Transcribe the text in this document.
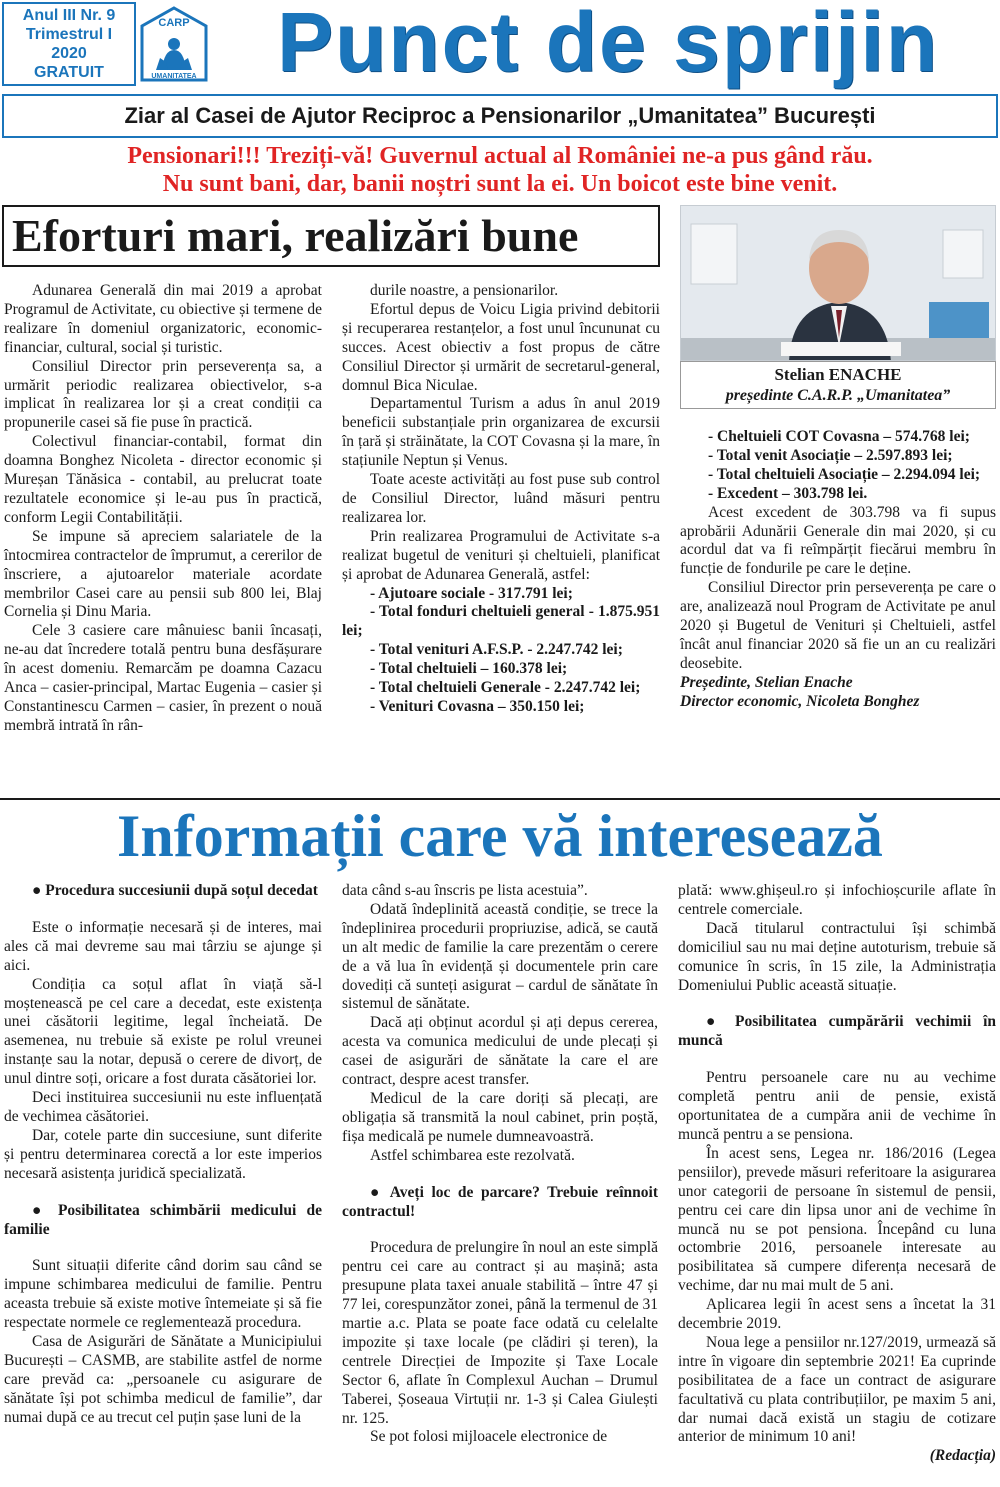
Anul III Nr. 9
Trimestrul I
2020
GRATUIT
CARP
UMANITATEA Punct de sprijin
Ziar al Casei de Ajutor Reciproc a Pensionarilor „Umanitatea” București
Pensionari!!! Treziți-vă! Guvernul actual al României ne-a pus gând rău.
Nu sunt bani, dar, banii noștri sunt la ei. Un boicot este bine venit.
Eforturi mari, realizări bune
Stelian ENACHE
președinte C.A.R.P. „Umanitatea”

Adunarea Generală din mai 2019 a aprobat Programul de Activitate, cu obiective și termene de realizare în domeniul organizatoric, economic-financiar, cultural, social și turistic.

Consiliul Director prin perseverența sa, a urmărit periodic realizarea obiectivelor, s-a implicat în realizarea lor și a creat condiții ca propunerile casei să fie puse în practică.

Colectivul financiar-contabil, format din doamna Bonghez Nicoleta - director economic și Mureșan Tănăsica - contabil, au prelucrat toate rezultatele economice și le-au pus în practică, conform Legii Contabilității.

Se impune să apreciem salariatele de la întocmirea contractelor de împrumut, a cererilor de înscriere, a ajutoarelor materiale acordate membrilor Casei care au pensii sub 800 lei, Blaj Cornelia și Dinu Maria.

Cele 3 casiere care mânuiesc banii încasați, ne-au dat încredere totală pentru buna desfășurare în acest domeniu. Remarcăm pe doamna Cazacu Anca – casier-principal, Martac Eugenia – casier și Constantinescu Carmen – casier, în prezent o nouă membră intrată în rân-

durile noastre, a pensionarilor.

Efortul depus de Voicu Ligia privind debitorii și recuperarea restanțelor, a fost unul încununat cu succes. Acest obiectiv a fost propus de către Consiliul Director și urmărit de secretarul-general, domnul Bica Niculae.

Departamentul Turism a adus în anul 2019 beneficii substanțiale prin organizarea de excursii în țară și străinătate, la COT Covasna și la mare, în stațiunile Neptun și Venus.

Toate aceste activități au fost puse sub control de Consiliul Director, luând măsuri pentru realizarea lor.

Prin realizarea Programului de Activitate s-a realizat bugetul de venituri și cheltuieli, planificat și aprobat de Adunarea Generală, astfel:

- Ajutoare sociale - 317.791 lei;

- Total fonduri cheltuieli general - 1.875.951 lei;

- Total venituri A.F.S.P. - 2.247.742 lei;

- Total cheltuieli – 160.378 lei;

- Total cheltuieli Generale - 2.247.742 lei;

- Venituri Covasna – 350.150 lei;

- Cheltuieli COT Covasna – 574.768 lei;

- Total venit Asociație – 2.597.893 lei;

- Total cheltuieli Asociație – 2.294.094 lei;

- Excedent – 303.798 lei.

Acest excedent de 303.798 va fi supus aprobării Adunării Generale din mai 2020, și cu acordul dat va fi reîmpărțit fiecărui membru în funcție de fondurile pe care le deține.

Consiliul Director prin perseverența pe care o are, analizează noul Program de Activitate pe anul 2020 și Bugetul de Venituri și Cheltuieli, astfel încât anul financiar 2020 să fie un an cu realizări deosebite.

Președinte, Stelian Enache

Director economic, Nicoleta Bonghez

Informații care vă interesează

● Procedura succesiunii după soțul decedat

Este o informație necesară și de interes, mai ales că mai devreme sau mai târziu se ajunge și aici.

Condiția ca soțul aflat în viață să-l moștenească pe cel care a decedat, este existența unei căsătorii legitime, legal încheiată. De asemenea, nu trebuie să existe pe rolul vreunei instanțe sau la notar, depusă o cerere de divorț, de unul dintre soți, oricare a fost durata căsătoriei lor.

Deci instituirea succesiunii nu este influențată de vechimea căsătoriei.

Dar, cotele parte din succesiune, sunt diferite și pentru determinarea corectă a lor este imperios necesară asistența juridică specializată.

● Posibilitatea schimbării medicului de familie

Sunt situații diferite când dorim sau când se impune schimbarea medicului de familie. Pentru aceasta trebuie să existe motive întemeiate și să fie respectate normele ce reglementează procedura.

Casa de Asigurări de Sănătate a Municipiului București – CASMB, are stabilite astfel de norme care prevăd ca: „persoanele cu asigurare de sănătate își pot schimba medicul de familie”, dar numai după ce au trecut cel puțin șase luni de la

data când s-au înscris pe lista acestuia”.

Odată îndeplinită această condiție, se trece la îndeplinirea procedurii propriuzise, adică, se caută un alt medic de familie la care prezentăm o cerere de a vă lua în evidență și documentele prin care dovediți că sunteți asigurat – cardul de sănătate în sistemul de sănătate.

Dacă ați obținut acordul și ați depus cererea, acesta va comunica medicului de unde plecați și casei de asigurări de sănătate la care el are contract, despre acest transfer.

Medicul de la care doriți să plecați, are obligația să transmită la noul cabinet, prin poștă, fișa medicală pe numele dumneavoastră.

Astfel schimbarea este rezolvată.

● Aveți loc de parcare? Trebuie reînnoit contractul!

Procedura de prelungire în noul an este simplă pentru cei care au contract și au mașină; asta presupune plata taxei anuale stabilită – între 47 și 77 lei, corespunzător zonei, până la termenul de 31 martie a.c. Plata se poate face odată cu celelalte impozite și taxe locale (pe clădiri și teren), la centrele Direcției de Impozite și Taxe Locale Sector 6, aflate în Complexul Auchan – Drumul Taberei, Șoseaua Virtuții nr. 1-3 și Calea Giulești nr. 125.

Se pot folosi mijloacele electronice de

plată: www.ghișeul.ro și infochioșcurile aflate în centrele comerciale.

Dacă titularul contractului își schimbă domiciliul sau nu mai deține autoturism, trebuie să comunice în scris, în 15 zile, la Administrația Domeniului Public această situație.

● Posibilitatea cumpărării vechimii în muncă

Pentru persoanele care nu au vechime completă pentru anii de pensie, există oportunitatea de a cumpăra anii de vechime în muncă pentru a se pensiona.

În acest sens, Legea nr. 186/2016 (Legea pensiilor), prevede măsuri referitoare la asigurarea unor categorii de persoane în sistemul de pensii, pentru cei care din lipsa unor ani de vechime în muncă nu se pot pensiona. Începând cu luna octombrie 2016, persoanele interesate au posibilitatea să cumpere diferența necesară de vechime, dar nu mai mult de 5 ani.

Aplicarea legii în acest sens a încetat la 31 decembrie 2019.

Noua lege a pensiilor nr.127/2019, urmează să intre în vigoare din septembrie 2021! Ea cuprinde posibilitatea de a face un contract de asigurare facultativă cu plata contribuțiilor, pe maxim 5 ani, dar numai dacă există un stagiu de cotizare anterior de minimum 10 ani!

(Redacția)
